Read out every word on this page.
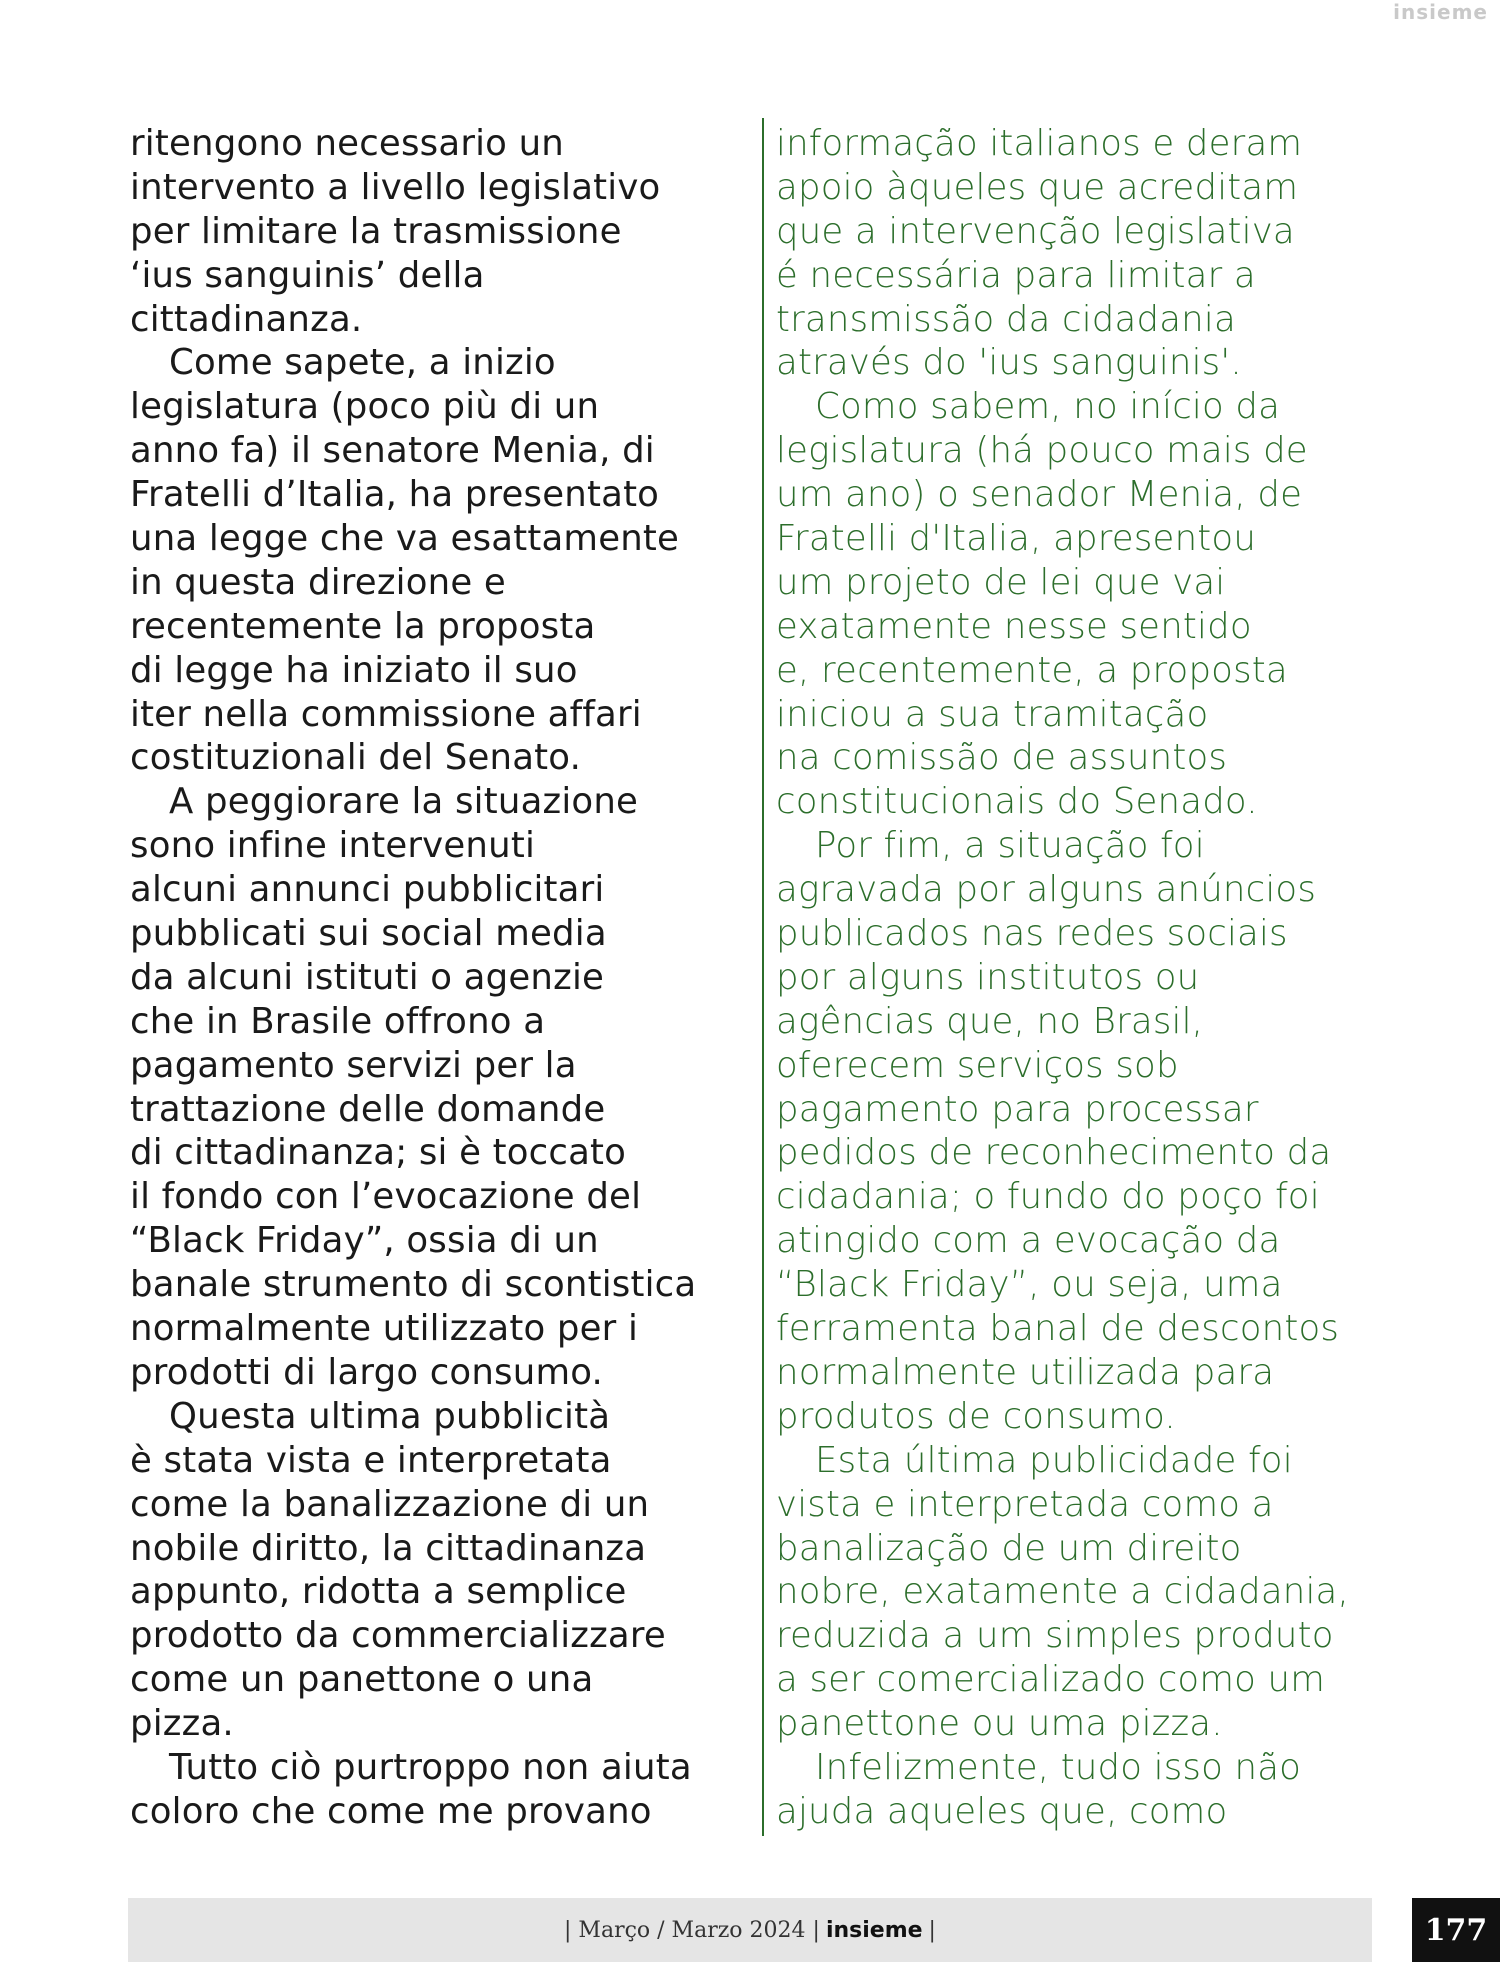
insieme
ritengono necessario un
intervento a livello legislativo
per limitare la trasmissione
‘ius sanguinis’ della
cittadinanza.
Come sapete, a inizio
legislatura (poco più di un
anno fa) il senatore Menia, di
Fratelli d’Italia, ha presentato
una legge che va esattamente
in questa direzione e
recentemente la proposta
di legge ha iniziato il suo
iter nella commissione affari
costituzionali del Senato.
A peggiorare la situazione
sono infine intervenuti
alcuni annunci pubblicitari
pubblicati sui social media
da alcuni istituti o agenzie
che in Brasile offrono a
pagamento servizi per la
trattazione delle domande
di cittadinanza; si è toccato
il fondo con l’evocazione del
“Black Friday”, ossia di un
banale strumento di scontistica
normalmente utilizzato per i
prodotti di largo consumo.
Questa ultima pubblicità
è stata vista e interpretata
come la banalizzazione di un
nobile diritto, la cittadinanza
appunto, ridotta a semplice
prodotto da commercializzare
come un panettone o una
pizza.
Tutto ciò purtroppo non aiuta
coloro che come me provano
informação italianos e deram
apoio àqueles que acreditam
que a intervenção legislativa
é necessária para limitar a
transmissão da cidadania
através do 'ius sanguinis'.
Como sabem, no início da
legislatura (há pouco mais de
um ano) o senador Menia, de
Fratelli d'Italia, apresentou
um projeto de lei que vai
exatamente nesse sentido
e, recentemente, a proposta
iniciou a sua tramitação
na comissão de assuntos
constitucionais do Senado.
Por fim, a situação foi
agravada por alguns anúncios
publicados nas redes sociais
por alguns institutos ou
agências que, no Brasil,
oferecem serviços sob
pagamento para processar
pedidos de reconhecimento da
cidadania; o fundo do poço foi
atingido com a evocação da
“Black Friday”, ou seja, uma
ferramenta banal de descontos
normalmente utilizada para
produtos de consumo.
Esta última publicidade foi
vista e interpretada como a
banalização de um direito
nobre, exatamente a cidadania,
reduzida a um simples produto
a ser comercializado como um
panettone ou uma pizza.
Infelizmente, tudo isso não
ajuda aqueles que, como
| Março / Marzo 2024 | insieme |	177
